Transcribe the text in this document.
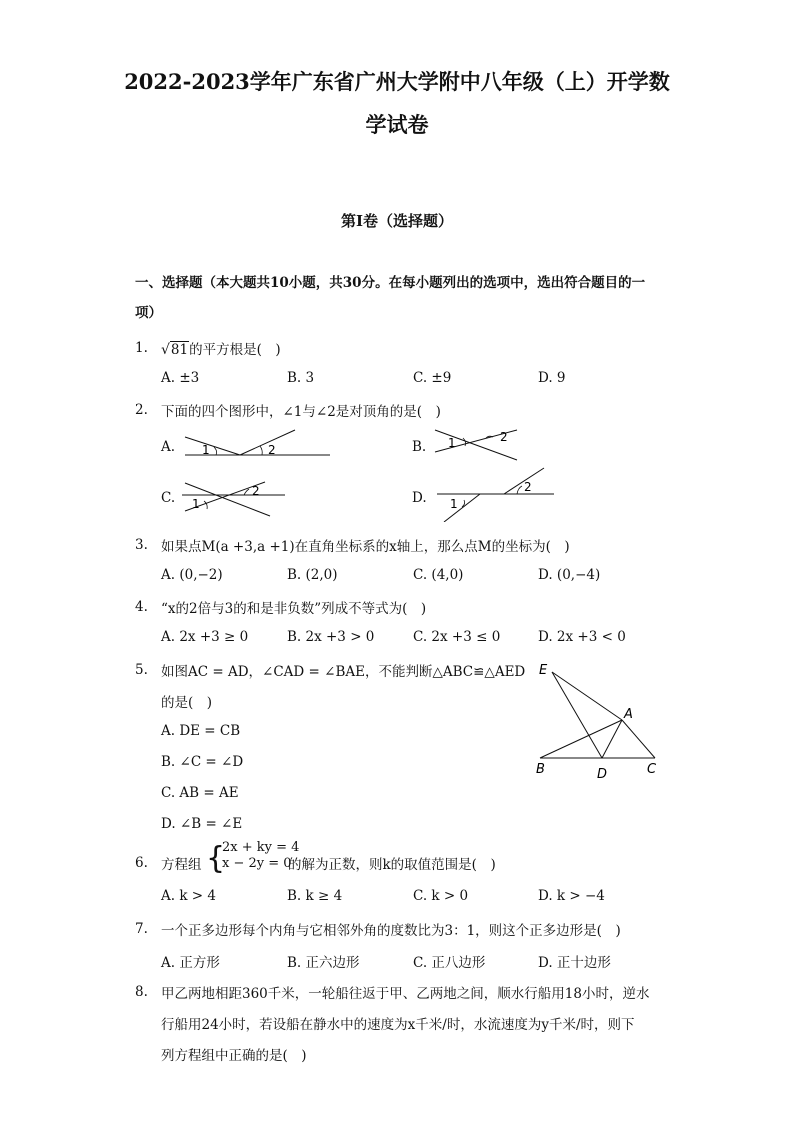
2022-2023学年广东省广州大学附中八年级（上）开学数
学试卷
第I卷（选择题）
一、选择题（本大题共10小题，共30分。在每小题列出的选项中，选出符合题目的一
项）
1. √81的平方根是(　)
A. ±3	B. 3	C. ±9	D. 9
2. 下面的四个图形中，∠1与∠2是对顶角的是(　)
A. 1	2	B. 1	2
C. 1
2	D. 1
2
3. 如果点M(a +3,a +1)在直角坐标系的x轴上，那么点M的坐标为(　)
A. (0,−2)	B. (2,0)	C. (4,0)	D. (0,−4)
4. “x的2倍与3的和是非负数”列成不等式为(　)
A. 2x +3 ≥ 0	B. 2x +3 > 0	C. 2x +3 ≤ 0	D. 2x +3 < 0
5. 如图AC = AD，∠CAD = ∠BAE，不能判断△ABC≌△AED
的是(　)
A. DE = CB
B. ∠C = ∠D
C. AB = AE
D. ∠B = ∠E
E
A
B	D	C
6. 方程组 {
2x + ky = 4
x − 2y = 0
的解为正数，则k的取值范围是(　)
A. k > 4	B. k ≥ 4	C. k > 0	D. k > −4
7. 一个正多边形每个内角与它相邻外角的度数比为3：1，则这个正多边形是(　)
A. 正方形	B. 正六边形	C. 正八边形	D. 正十边形
8. 甲乙两地相距360千米，一轮船往返于甲、乙两地之间，顺水行船用18小时，逆水
行船用24小时，若设船在静水中的速度为x千米/时，水流速度为y千米/时，则下
列方程组中正确的是(　)
